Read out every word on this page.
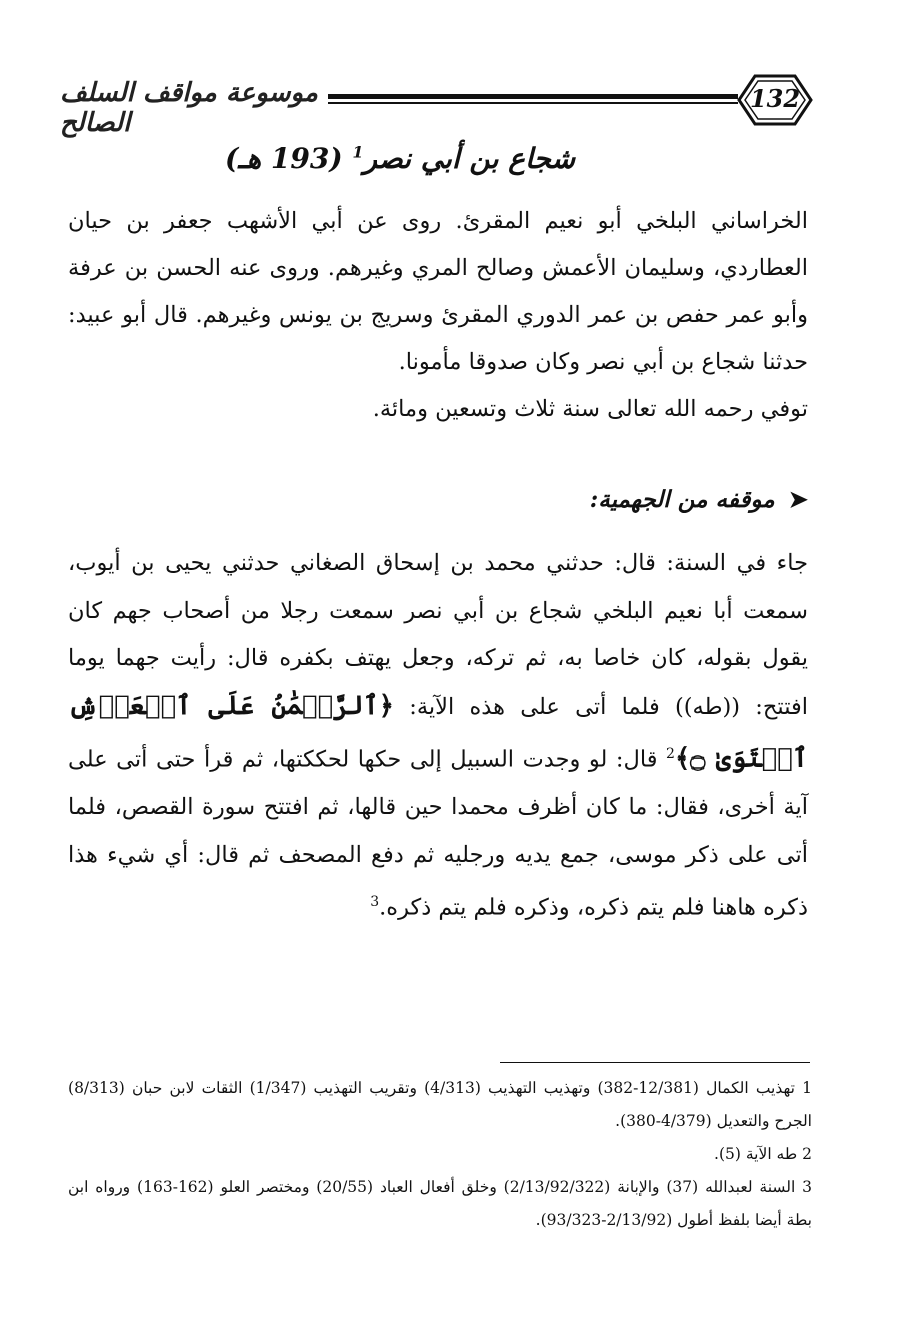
موسوعة مواقف السلف الصالح
132
شجاع بن أبي نصر$^1$ (193 هـ)

الخراساني البلخي أبو نعيم المقرئ. روى عن أبي الأشهب جعفر بن حيان العطاردي، وسليمان الأعمش وصالح المري وغيرهم. وروى عنه الحسن بن عرفة وأبو عمر حفص بن عمر الدوري المقرئ وسريج بن يونس وغيرهم. قال أبو عبيد: حدثنا شجاع بن أبي نصر وكان صدوقا مأمونا.

توفي رحمه الله تعالى سنة ثلاث وتسعين ومائة.

➤موقفه من الجهمية:

جاء في السنة: قال: حدثني محمد بن إسحاق الصغاني حدثني يحيى بن أيوب، سمعت أبا نعيم البلخي شجاع بن أبي نصر سمعت رجلا من أصحاب جهم كان يقول بقوله، كان خاصا به، ثم تركه، وجعل يهتف بكفره قال: رأيت جهما يوما افتتح: ((طه)) فلما أتى على هذه الآية: ﴿ٱلرَّحۡمَٰنُ عَلَى ٱلۡعَرۡشِ ٱسۡتَوَىٰ ۝﴾$^2$ قال: لو وجدت السبيل إلى حكها لحككتها، ثم قرأ حتى أتى على آية أخرى، فقال: ما كان أظرف محمدا حين قالها، ثم افتتح سورة القصص، فلما أتى على ذكر موسى، جمع يديه ورجليه ثم دفع المصحف ثم قال: أي شيء هذا ذكره هاهنا فلم يتم ذكره، وذكره فلم يتم ذكره.$^3$

1 تهذيب الكمال (12/381-382) وتهذيب التهذيب (4/313) وتقريب التهذيب (1/347) الثقات لابن حبان (8/313) الجرح والتعديل (4/379-380).

2 طه الآية (5).

3 السنة لعبدالله (37) والإبانة (2/13/92/322) وخلق أفعال العباد (20/55) ومختصر العلو (162-163) ورواه ابن بطة أيضا بلفظ أطول (2/13/92-93/323).
